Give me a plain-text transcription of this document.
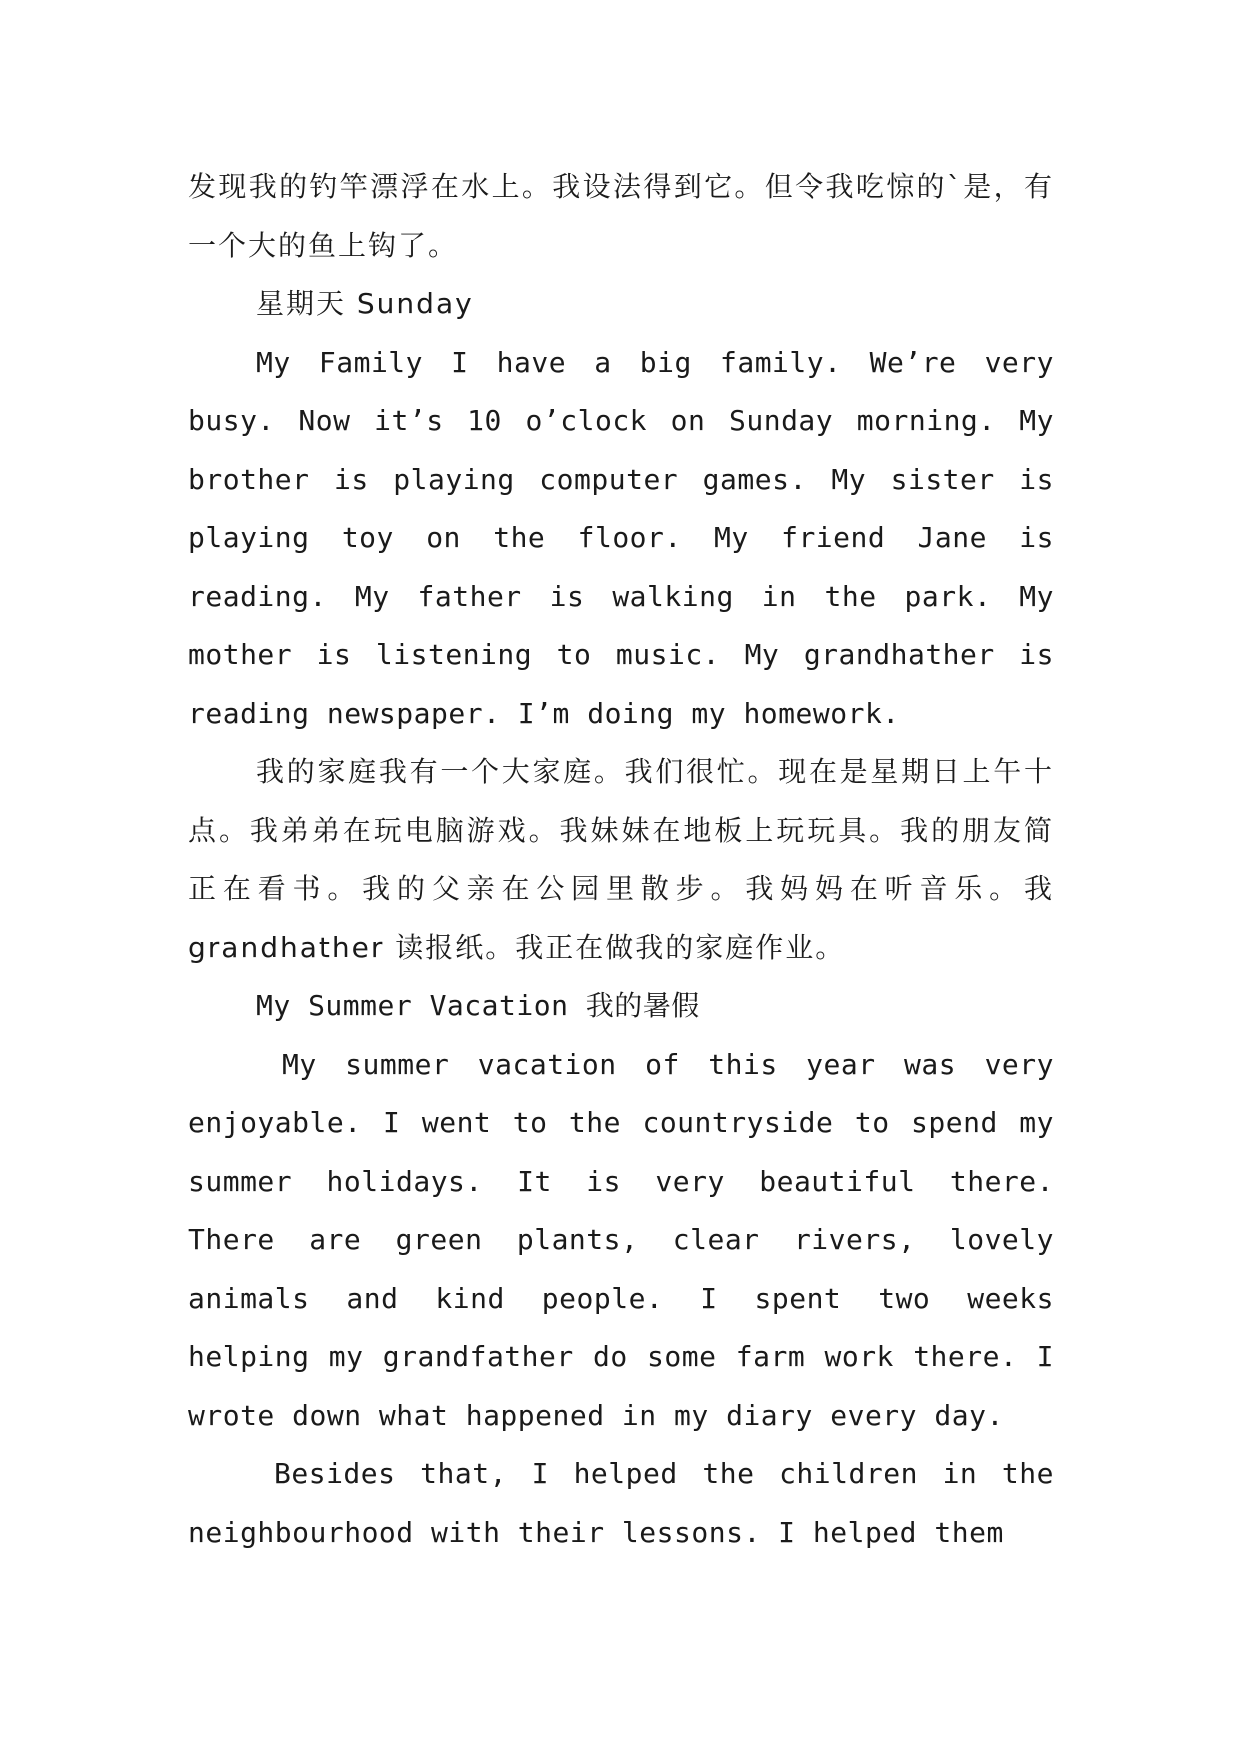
发现我的钓竿漂浮在水上。我设法得到它。但令我吃惊的`是，有一个大的鱼上钩了。

星期天 Sunday

My Family I have a big family. We’re very busy. Now it’s 10 o’clock on Sunday morning. My brother is playing computer games. My sister is playing toy on the floor. My friend Jane is reading. My father is walking in the park. My mother is listening to music. My grandhather is reading newspaper. I’m doing my homework.

我的家庭我有一个大家庭。我们很忙。现在是星期日上午十点。我弟弟在玩电脑游戏。我妹妹在地板上玩玩具。我的朋友简正在看书。我的父亲在公园里散步。我妈妈在听音乐。我 grandhather 读报纸。我正在做我的家庭作业。

My Summer Vacation 我的暑假

My summer vacation of this year was very enjoyable. I went to the countryside to spend my summer holidays. It is very beautiful there. There are green plants, clear rivers, lovely animals and kind people. I spent two weeks helping my grandfather do some farm work there. I wrote down what happened in my diary every day.

Besides that, I helped the children in the neighbourhood with their lessons. I helped them
